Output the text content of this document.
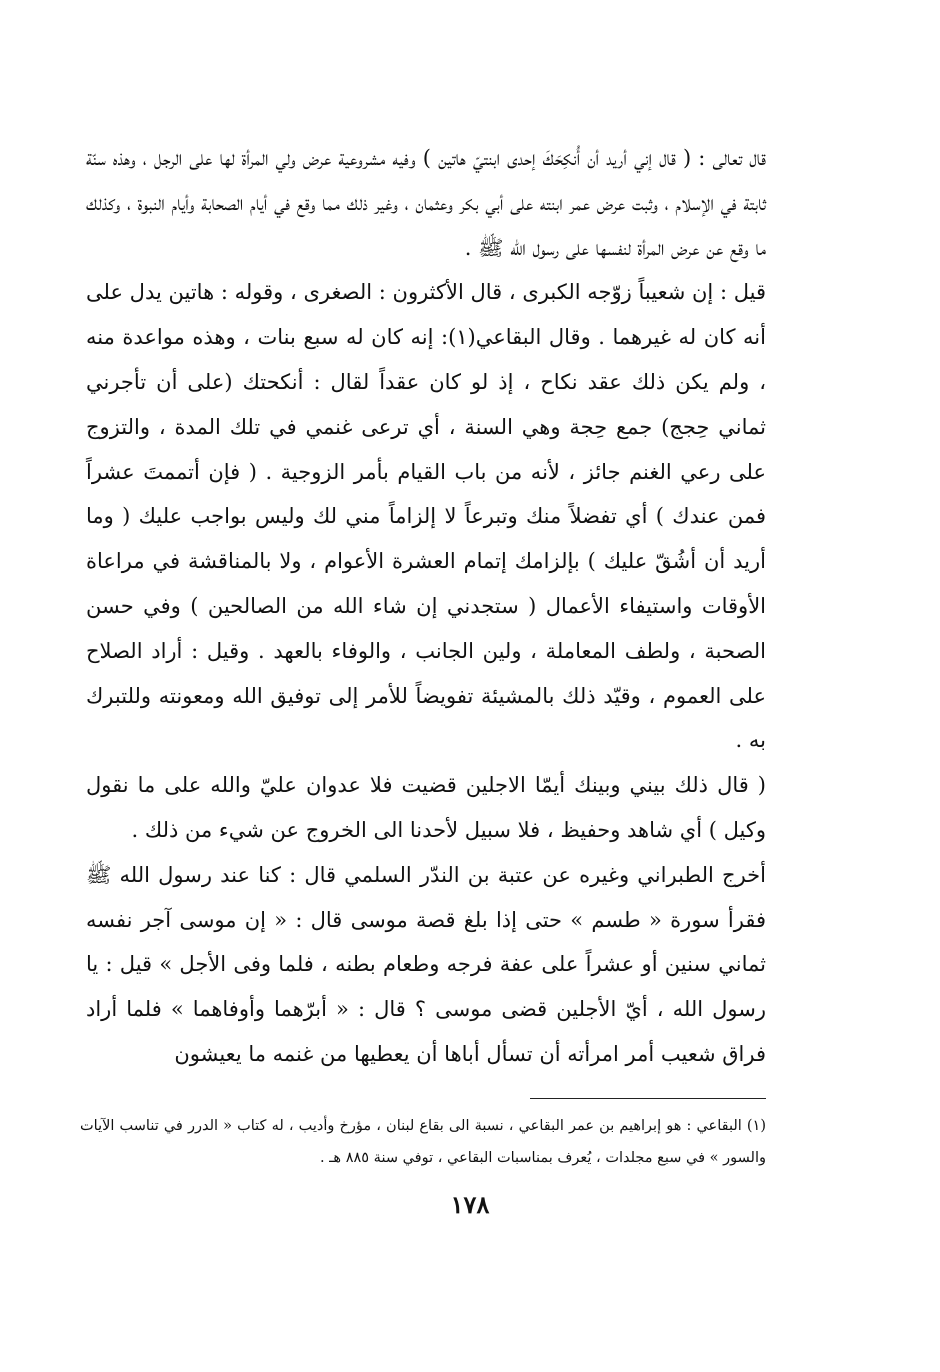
قال تعالى : ( قال إني أريد أن أُنكِحَكَ إحدى ابنتيّ هاتين ) وفيه مشروعية عرض ولي المرأة لها على الرجل ، وهذه سنّة ثابتة في الإسلام ، وثبت عرض عمر ابنته على أبي بكر وعثمان ، وغير ذلك مما وقع في أيام الصحابة وأيام النبوة ، وكذلك ما وقع عن عرض المرأة لنفسها على رسول الله ﷺ .

قيل : إن شعيباً زوّجه الكبرى ، قال الأكثرون : الصغرى ، وقوله : هاتين يدل على أنه كان له غيرهما . وقال البقاعي(١): إنه كان له سبع بنات ، وهذه مواعدة منه ، ولم يكن ذلك عقد نكاح ، إذ لو كان عقداً لقال : أنكحتك (على أن تأجرني ثماني حِجج) جمع حِجة وهي السنة ، أي ترعى غنمي في تلك المدة ، والتزوج على رعي الغنم جائز ، لأنه من باب القيام بأمر الزوجية . ( فإن أتممتَ عشراً فمن عندك ) أي تفضلاً منك وتبرعاً لا إلزاماً مني لك وليس بواجب عليك ( وما أريد أن أشُقّ عليك ) بإلزامك إتمام العشرة الأعوام ، ولا بالمناقشة في مراعاة الأوقات واستيفاء الأعمال ( ستجدني إن شاء الله من الصالحين ) وفي حسن الصحبة ، ولطف المعاملة ، ولين الجانب ، والوفاء بالعهد . وقيل : أراد الصلاح على العموم ، وقيّد ذلك بالمشيئة تفويضاً للأمر إلى توفيق الله ومعونته وللتبرك به .

( قال ذلك بيني وبينك أيمّا الاجلين قضيت فلا عدوان عليّ والله على ما نقول وكيل ) أي شاهد وحفيظ ، فلا سبيل لأحدنا الى الخروج عن شيء من ذلك .

أخرج الطبراني وغيره عن عتبة بن الندّر السلمي قال : كنا عند رسول الله ﷺ فقرأ سورة « طسم » حتى إذا بلغ قصة موسى قال : « إن موسى آجر نفسه ثماني سنين أو عشراً على عفة فرجه وطعام بطنه ، فلما وفى الأجل » قيل : يا رسول الله ، أيّ الأجلين قضى موسى ؟ قال : « أبرّهما وأوفاهما » فلما أراد فراق شعيب أمر امرأته أن تسأل أباها أن يعطيها من غنمه ما يعيشون

(١) البقاعي : هو إبراهيم بن عمر البقاعي ، نسبة الى بقاع لبنان ، مؤرخ وأديب ، له كتاب « الدرر في تناسب الآيات والسور » في سبع مجلدات ، يُعرف بمناسبات البقاعي ، توفي سنة ٨٨٥ هـ .

١٧٨
